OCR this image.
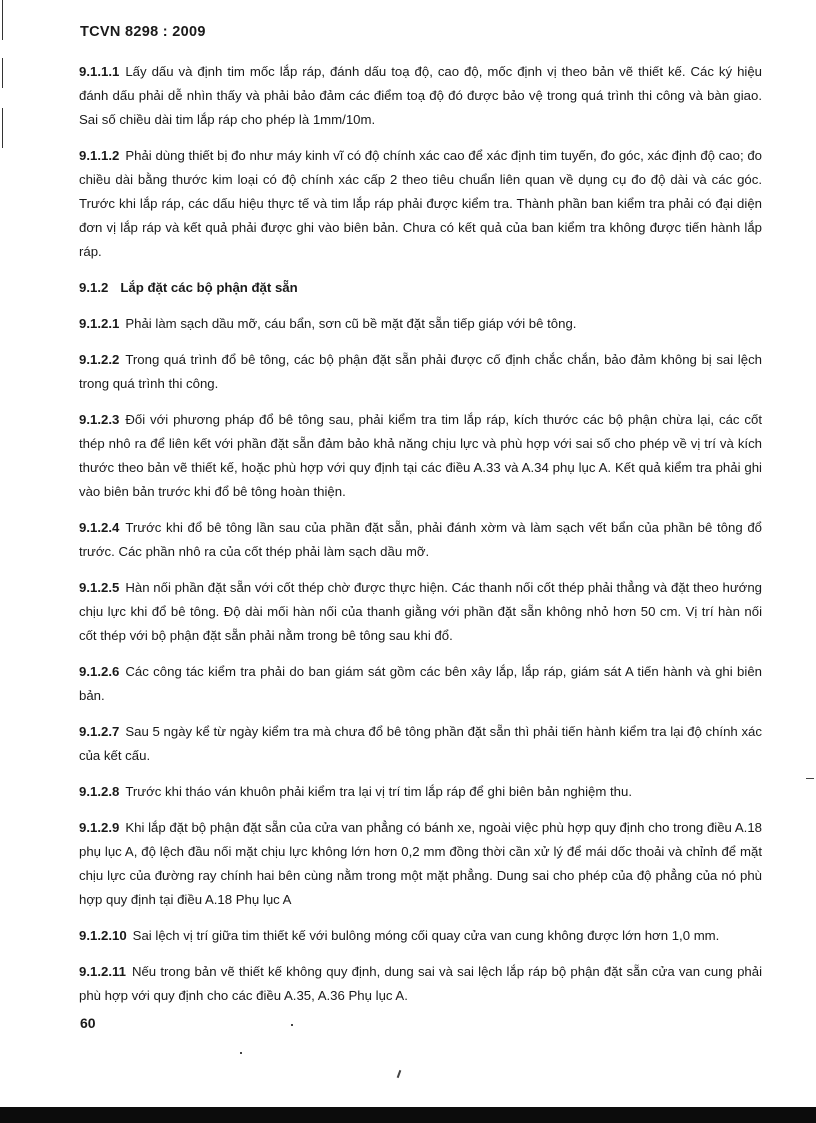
TCVN 8298 : 2009
9.1.1.1 Lấy dấu và định tim mốc lắp ráp, đánh dấu toạ độ, cao độ, mốc định vị theo bản vẽ thiết kế. Các ký hiệu đánh dấu phải dễ nhìn thấy và phải bảo đảm các điểm toạ độ đó được bảo vệ trong quá trình thi công và bàn giao. Sai số chiều dài tim lắp ráp cho phép là 1mm/10m.
9.1.1.2 Phải dùng thiết bị đo như máy kinh vĩ có độ chính xác cao để xác định tim tuyến, đo góc, xác định độ cao; đo chiều dài bằng thước kim loại có độ chính xác cấp 2 theo tiêu chuẩn liên quan về dụng cụ đo độ dài và các góc. Trước khi lắp ráp, các dấu hiệu thực tế và tim lắp ráp phải được kiểm tra. Thành phần ban kiểm tra phải có đại diện đơn vị lắp ráp và kết quả phải được ghi vào biên bản. Chưa có kết quả của ban kiểm tra không được tiến hành lắp ráp.
9.1.2 Lắp đặt các bộ phận đặt sẵn
9.1.2.1 Phải làm sạch dầu mỡ, cáu bẩn, sơn cũ bề mặt đặt sẵn tiếp giáp với bê tông.
9.1.2.2 Trong quá trình đổ bê tông, các bộ phận đặt sẵn phải được cố định chắc chắn, bảo đảm không bị sai lệch trong quá trình thi công.
9.1.2.3 Đối với phương pháp đổ bê tông sau, phải kiểm tra tim lắp ráp, kích thước các bộ phận chừa lại, các cốt thép nhô ra để liên kết với phần đặt sẵn đảm bảo khả năng chịu lực và phù hợp với sai số cho phép về vị trí và kích thước theo bản vẽ thiết kế, hoặc phù hợp với quy định tại các điều A.33 và A.34 phụ lục A. Kết quả kiểm tra phải ghi vào biên bản trước khi đổ bê tông hoàn thiện.
9.1.2.4 Trước khi đổ bê tông lần sau của phần đặt sẵn, phải đánh xờm và làm sạch vết bẩn của phần bê tông đổ trước. Các phần nhô ra của cốt thép phải làm sạch dầu mỡ.
9.1.2.5 Hàn nối phần đặt sẵn với cốt thép chờ được thực hiện. Các thanh nối cốt thép phải thẳng và đặt theo hướng chịu lực khi đổ bê tông. Độ dài mối hàn nối của thanh giằng với phần đặt sẵn không nhỏ hơn 50 cm. Vị trí hàn nối cốt thép với bộ phận đặt sẵn phải nằm trong bê tông sau khi đổ.
9.1.2.6 Các công tác kiểm tra phải do ban giám sát gồm các bên xây lắp, lắp ráp, giám sát A tiến hành và ghi biên bản.
9.1.2.7 Sau 5 ngày kể từ ngày kiểm tra mà chưa đổ bê tông phần đặt sẵn thì phải tiến hành kiểm tra lại độ chính xác của kết cấu.
9.1.2.8 Trước khi tháo ván khuôn phải kiểm tra lại vị trí tim lắp ráp để ghi biên bản nghiệm thu.
9.1.2.9 Khi lắp đặt bộ phận đặt sẵn của cửa van phẳng có bánh xe, ngoài việc phù hợp quy định cho trong điều A.18 phụ lục A, độ lệch đầu nối mặt chịu lực không lớn hơn 0,2 mm đồng thời cần xử lý để mái dốc thoải và chỉnh để mặt chịu lực của đường ray chính hai bên cùng nằm trong một mặt phẳng. Dung sai cho phép của độ phẳng của nó phù hợp quy định tại điều A.18 Phụ lục A
9.1.2.10 Sai lệch vị trí giữa tim thiết kế với bulông móng cối quay cửa van cung không được lớn hơn 1,0 mm.
9.1.2.11 Nếu trong bản vẽ thiết kế không quy định, dung sai và sai lệch lắp ráp bộ phận đặt sẵn cửa van cung phải phù hợp với quy định cho các điều A.35, A.36 Phụ lục A.
60
